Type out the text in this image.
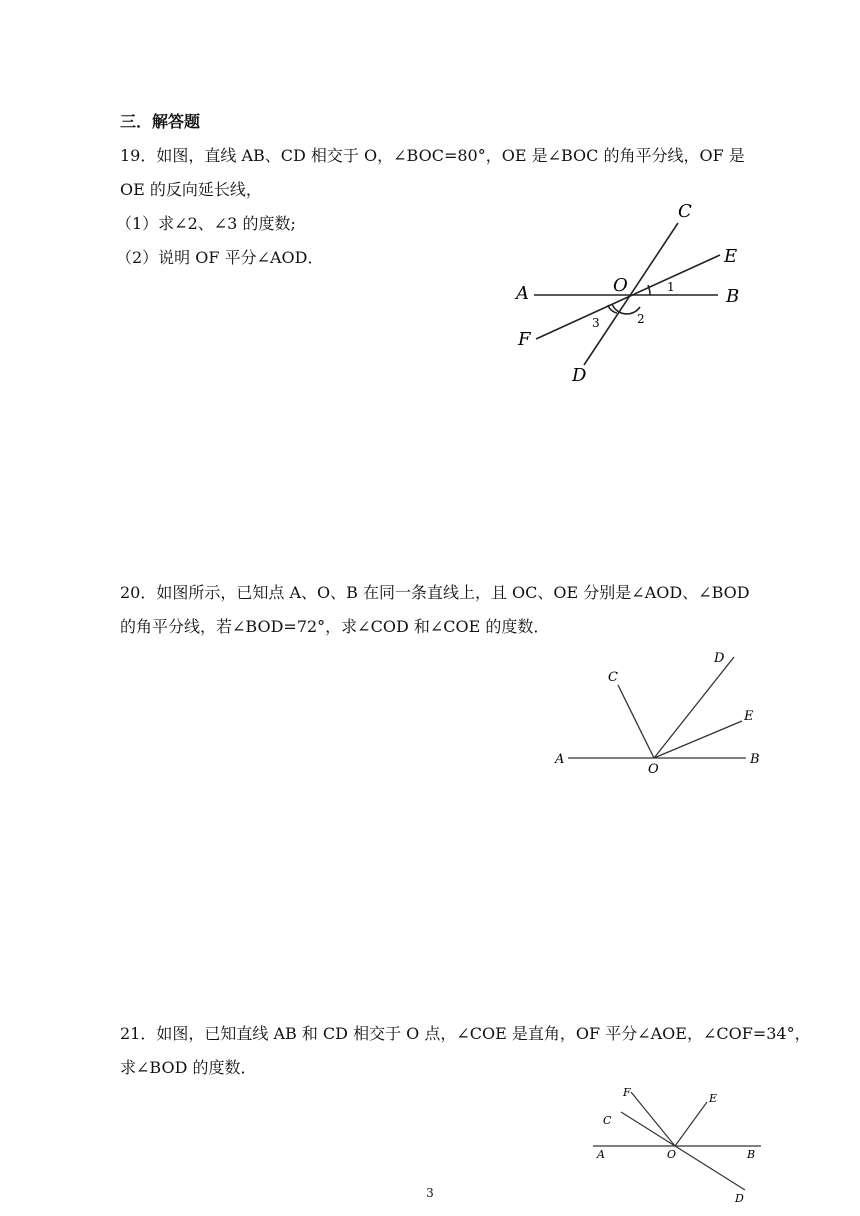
三．解答题
19．如图，直线 AB、CD 相交于 O，∠BOC=80°，OE 是∠BOC 的角平分线，OF 是
OE 的反向延长线，
（1）求∠2、∠3 的度数;
（2）说明 OF 平分∠AOD．
C
E
A	B
O
F
D
1
2
3
20．如图所示，已知点 A、O、B 在同一条直线上，且 OC、OE 分别是∠AOD、∠BOD
的角平分线，若∠BOD=72°，求∠COD 和∠COE 的度数．
D
C
E
A	B
O
21．如图，已知直线 AB 和 CD 相交于 O 点，∠COE 是直角，OF 平分∠AOE，∠COF=34°，
求∠BOD 的度数．
F	E
C
A	O	B
D
3
